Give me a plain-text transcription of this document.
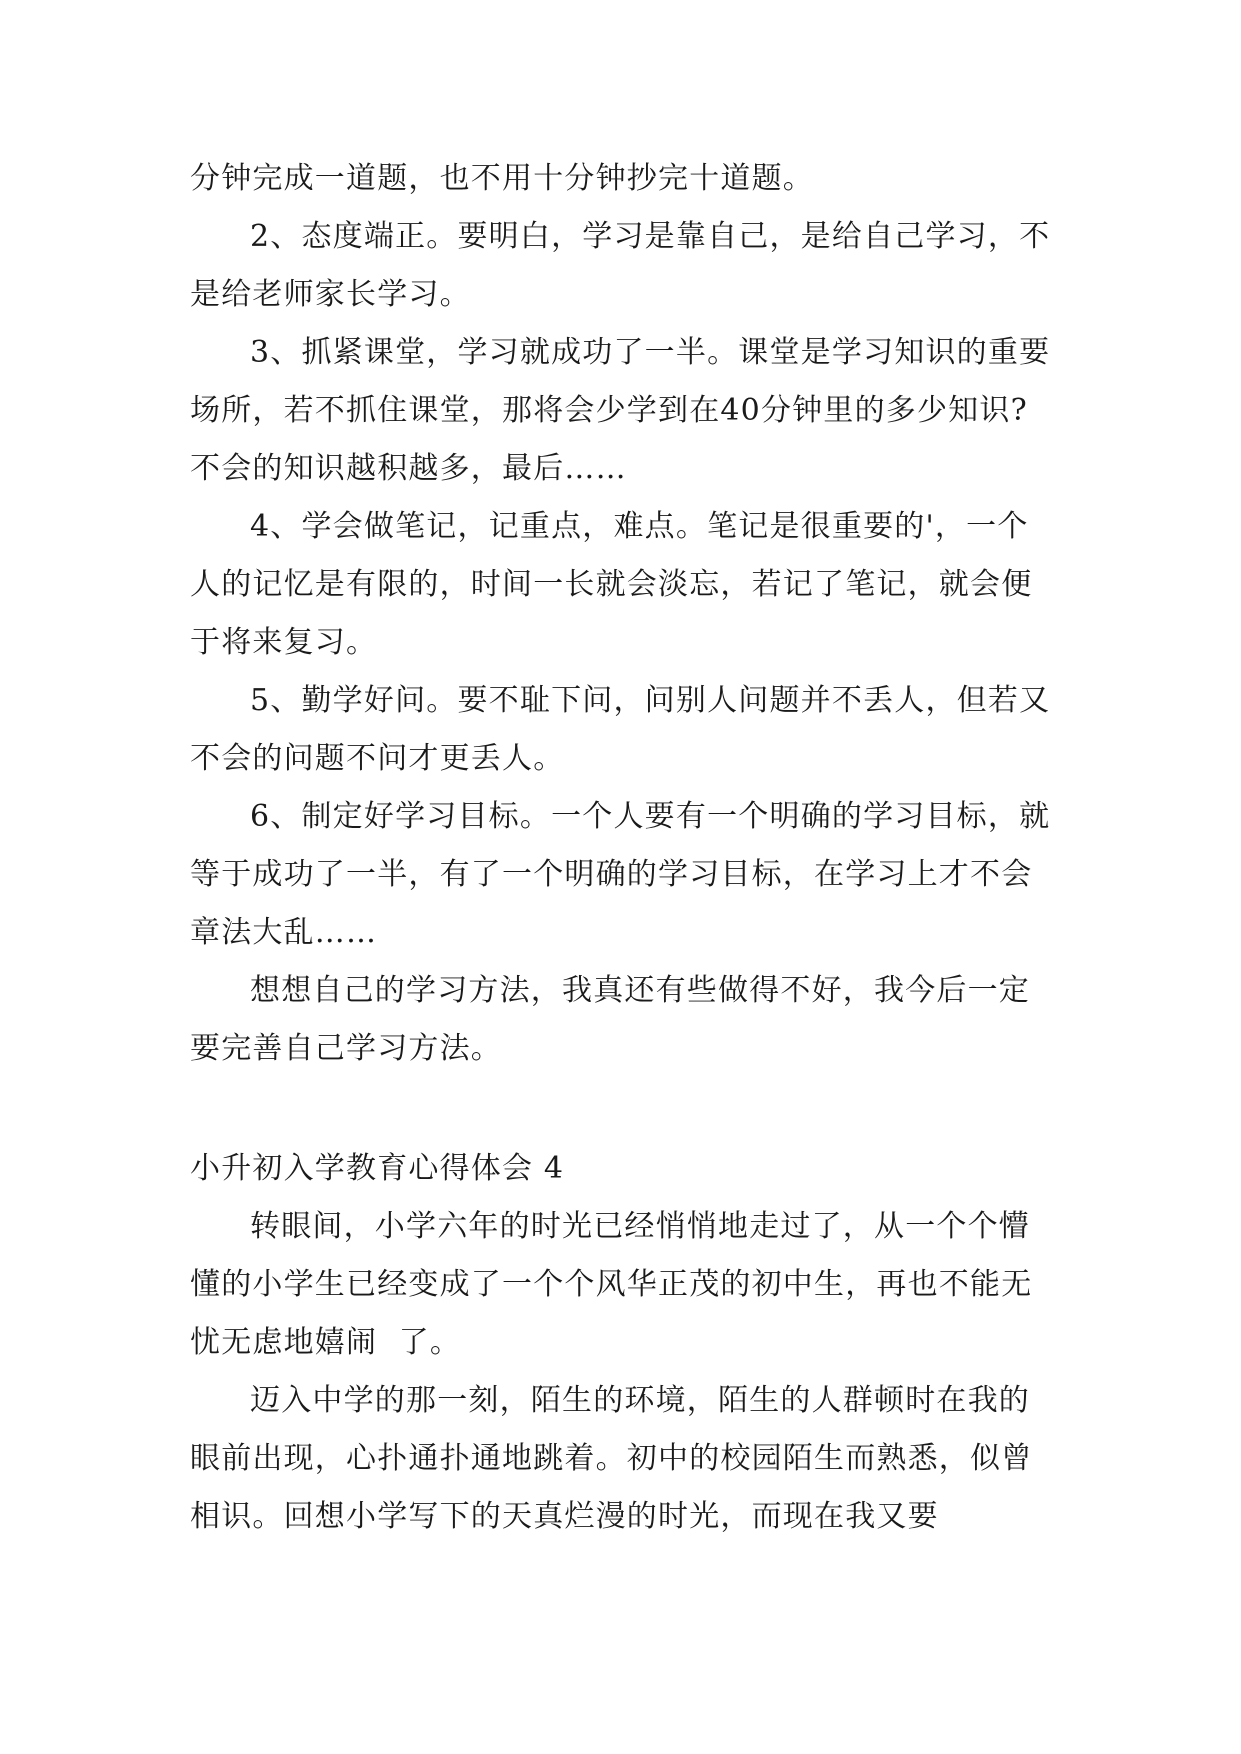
分钟完成一道题，也不用十分钟抄完十道题。

2、态度端正。要明白，学习是靠自己，是给自己学习，不是给老师家长学习。

3、抓紧课堂，学习就成功了一半。课堂是学习知识的重要场所，若不抓住课堂，那将会少学到在40分钟里的多少知识?不会的知识越积越多，最后……

4、学会做笔记，记重点，难点。笔记是很重要的'，一个人的记忆是有限的，时间一长就会淡忘，若记了笔记，就会便于将来复习。

5、勤学好问。要不耻下问，问别人问题并不丢人，但若又不会的问题不问才更丢人。

6、制定好学习目标。一个人要有一个明确的学习目标，就等于成功了一半，有了一个明确的学习目标，在学习上才不会章法大乱……

想想自己的学习方法，我真还有些做得不好，我今后一定要完善自己学习方法。

小升初入学教育心得体会 4

转眼间，小学六年的时光已经悄悄地走过了，从一个个懵懂的小学生已经变成了一个个风华正茂的初中生，再也不能无忧无虑地嬉闹  了。

迈入中学的那一刻，陌生的环境，陌生的人群顿时在我的眼前出现，心扑通扑通地跳着。初中的校园陌生而熟悉，似曾相识。回想小学写下的天真烂漫的时光，而现在我又要
